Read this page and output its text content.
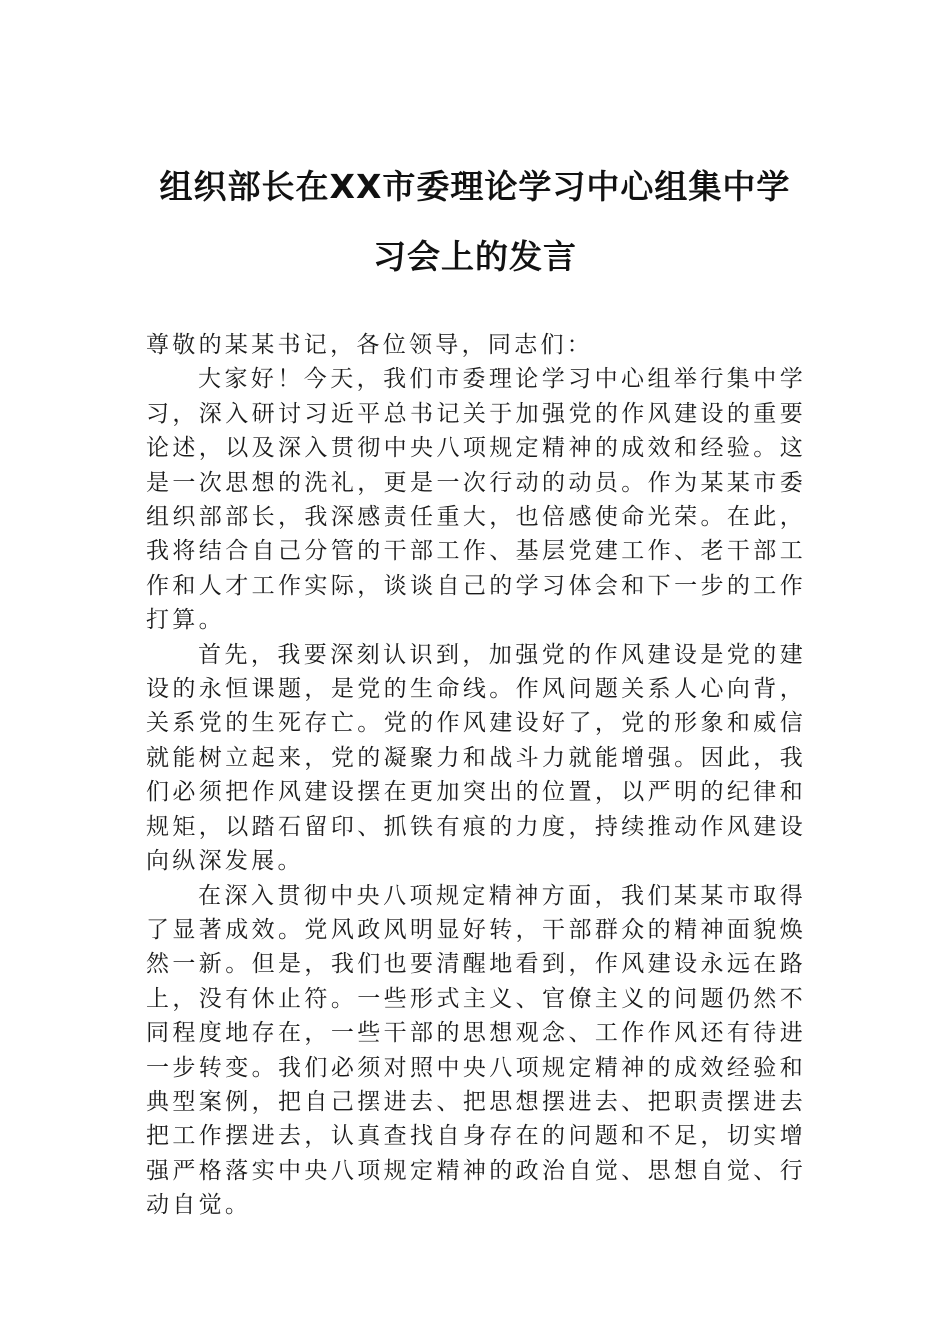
组织部长在XX市委理论学习中心组集中学
习会上的发言

尊敬的某某书记，各位领导，同志们：

大家好！今天，我们市委理论学习中心组举行集中学习，深入研讨习近平总书记关于加强党的作风建设的重要论述，以及深入贯彻中央八项规定精神的成效和经验。这是一次思想的洗礼，更是一次行动的动员。作为某某市委组织部部长，我深感责任重大，也倍感使命光荣。在此，我将结合自己分管的干部工作、基层党建工作、老干部工作和人才工作实际，谈谈自己的学习体会和下一步的工作打算。

首先，我要深刻认识到，加强党的作风建设是党的建设的永恒课题，是党的生命线。作风问题关系人心向背，关系党的生死存亡。党的作风建设好了，党的形象和威信就能树立起来，党的凝聚力和战斗力就能增强。因此，我们必须把作风建设摆在更加突出的位置，以严明的纪律和规矩，以踏石留印、抓铁有痕的力度，持续推动作风建设向纵深发展。

在深入贯彻中央八项规定精神方面，我们某某市取得了显著成效。党风政风明显好转，干部群众的精神面貌焕然一新。但是，我们也要清醒地看到，作风建设永远在路上，没有休止符。一些形式主义、官僚主义的问题仍然不同程度地存在，一些干部的思想观念、工作作风还有待进一步转变。我们必须对照中央八项规定精神的成效经验和典型案例，把自己摆进去、把思想摆进去、把职责摆进去把工作摆进去，认真查找自身存在的问题和不足，切实增强严格落实中央八项规定精神的政治自觉、思想自觉、行动自觉。
